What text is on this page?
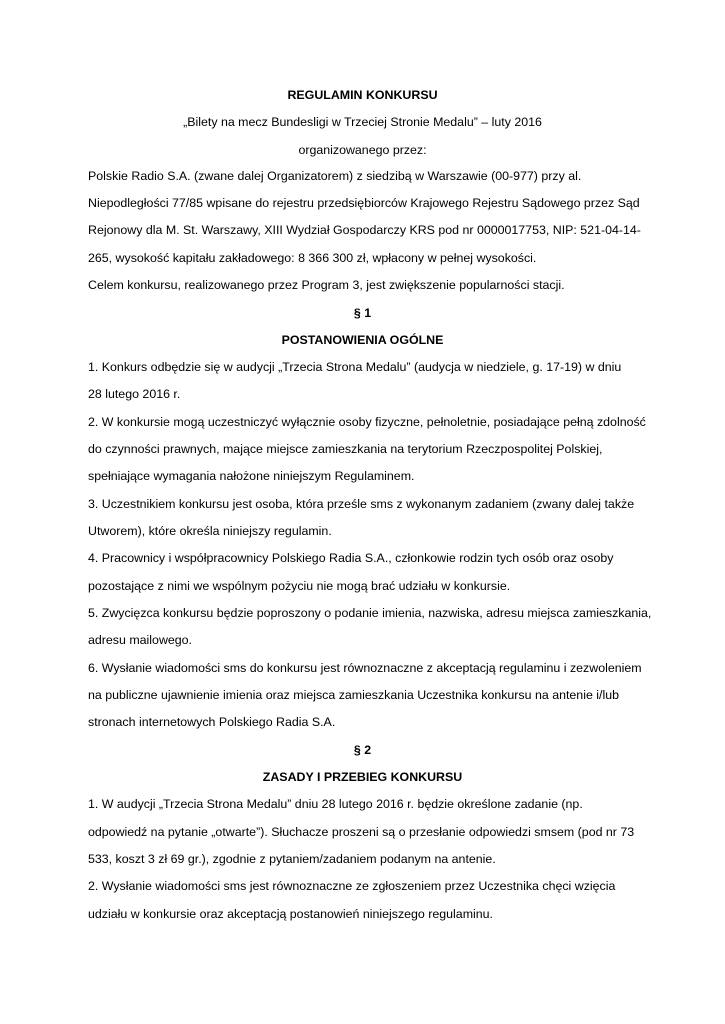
REGULAMIN KONKURSU
„Bilety na mecz Bundesligi w Trzeciej Stronie Medalu” – luty 2016
organizowanego przez:
Polskie Radio S.A. (zwane dalej Organizatorem) z siedzibą w Warszawie (00-977) przy al.
Niepodległości 77/85 wpisane do rejestru przedsiębiorców Krajowego Rejestru Sądowego przez Sąd
Rejonowy dla M. St. Warszawy, XIII Wydział Gospodarczy KRS pod nr 0000017753, NIP: 521-04-14-
265, wysokość kapitału zakładowego: 8 366 300 zł, wpłacony w pełnej wysokości.
Celem konkursu, realizowanego przez Program 3, jest zwiększenie popularności stacji.
§ 1
POSTANOWIENIA OGÓLNE
1. Konkurs odbędzie się w audycji „Trzecia Strona Medalu” (audycja w niedziele, g. 17-19) w dniu
28 lutego 2016 r.
2. W konkursie mogą uczestniczyć wyłącznie osoby fizyczne, pełnoletnie, posiadające pełną zdolność
do czynności prawnych, mające miejsce zamieszkania na terytorium Rzeczpospolitej Polskiej,
spełniające wymagania nałożone niniejszym Regulaminem.
3. Uczestnikiem konkursu jest osoba, która prześle sms z wykonanym zadaniem (zwany dalej także
Utworem), które określa niniejszy regulamin.
4. Pracownicy i współpracownicy Polskiego Radia S.A., członkowie rodzin tych osób oraz osoby
pozostające z nimi we wspólnym pożyciu nie mogą brać udziału w konkursie.
5. Zwycięzca konkursu będzie poproszony o podanie imienia, nazwiska, adresu miejsca zamieszkania,
adresu mailowego.
6. Wysłanie wiadomości sms do konkursu jest równoznaczne z akceptacją regulaminu i zezwoleniem
na publiczne ujawnienie imienia oraz miejsca zamieszkania Uczestnika konkursu na antenie i/lub
stronach internetowych Polskiego Radia S.A.
§ 2
ZASADY I PRZEBIEG KONKURSU
1. W audycji „Trzecia Strona Medalu” dniu 28 lutego 2016 r. będzie określone zadanie (np.
odpowiedź na pytanie „otwarte”). Słuchacze proszeni są o przesłanie odpowiedzi smsem (pod nr 73
533, koszt 3 zł 69 gr.), zgodnie z pytaniem/zadaniem podanym na antenie.
2. Wysłanie wiadomości sms jest równoznaczne ze zgłoszeniem przez Uczestnika chęci wzięcia
udziału w konkursie oraz akceptacją postanowień niniejszego regulaminu.
